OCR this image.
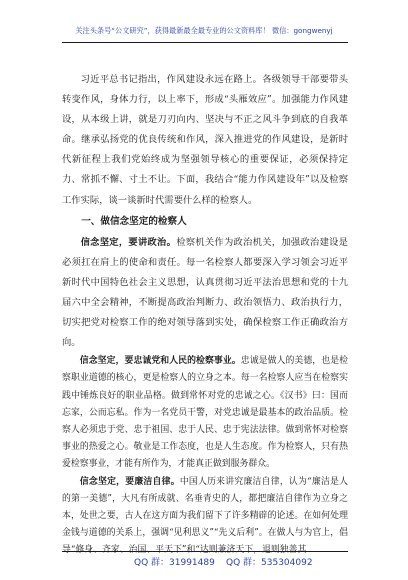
关注头条号“公文研究”，获得最新最全最专业的公文资料库！ 微信：gongwenyj

习近平总书记指出，作风建设永远在路上。各级领导干部要带头转变作风，身体力行，以上率下，形成“头雁效应”。加强能力作风建设，从本级上讲，就是刀刃向内、坚决与不正之风斗争到底的自我革命。继承弘扬党的优良传统和作风，深入推进党的作风建设，是新时代新征程上我们党始终成为坚强领导核心的重要保证，必须保持定力、常抓不懈、寸土不让。下面，我结合“能力作风建设年”以及检察工作实际，谈一谈新时代需要什么样的检察人。

一、做信念坚定的检察人

信念坚定，要讲政治。检察机关作为政治机关，加强政治建设是必须扛在肩上的使命和责任。每一名检察人都要深入学习领会习近平新时代中国特色社会主义思想，认真贯彻习近平法治思想和党的十九届六中全会精神，不断提高政治判断力、政治领悟力、政治执行力，切实把党对检察工作的绝对领导落到实处，确保检察工作正确政治方向。

信念坚定，要忠诚党和人民的检察事业。忠诚是做人的美德，也是检察职业道德的核心，更是检察人的立身之本。每一名检察人应当在检察实践中锤炼良好的职业品格。做到常怀对党的忠诚之心。《汉书》曰：国而忘家，公而忘私。作为一名党员干警，对党忠诚是最基本的政治品质。检察人必须忠于党、忠于祖国、忠于人民、忠于宪法法律。做到常怀对检察事业的热爱之心。敬业是工作态度，也是人生态度。作为检察人，只有热爱检察事业，才能有所作为，才能真正做到服务群众。

信念坚定，要廉洁自律。中国人历来讲究廉洁自律，认为“廉洁是人的第一美德”，大凡有所成就、名垂青史的人，都把廉洁自律作为立身之本，处世之要，古人在这方面为我们留下了许多精辟的论述。在如何处理金钱与道德的关系上，强调“见利思义”“先义后利”。在做人与为官上，倡导“修身、齐家、治国、平天下”和“达则兼济天下，退则独善其

QQ 群：31991489 QQ 群：535304092
